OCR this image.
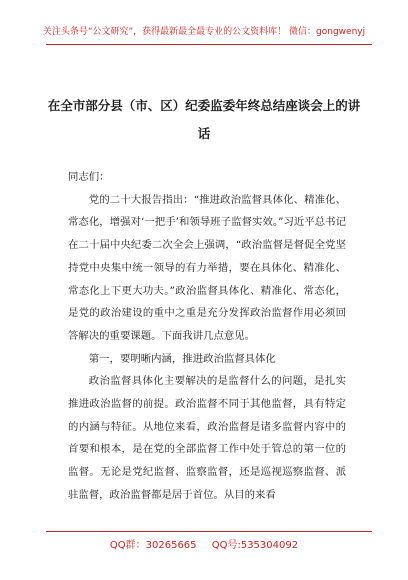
关注头条号“公文研究”，获得最新最全最专业的公文资料库！ 微信：gongwenyj
在全市部分县（市、区）纪委监委年终总结座谈会上的讲
话

同志们：

党的二十大报告指出：“推进政治监督具体化、精准化、常态化，增强对‘一把手’和领导班子监督实效。”习近平总书记在二十届中央纪委二次全会上强调，“政治监督是督促全党坚持党中央集中统一领导的有力举措，要在具体化、精准化、常态化上下更大功夫。”政治监督具体化、精准化、常态化，是党的政治建设的重中之重是充分发挥政治监督作用必须回答解决的重要课题。下面我讲几点意见。

第一，要明晰内涵，推进政治监督具体化

政治监督具体化主要解决的是监督什么的问题，是扎实推进政治监督的前提。政治监督不同于其他监督，具有特定的内涵与特征。从地位来看，政治监督是诸多监督内容中的首要和根本，是在党的全部监督工作中处于管总的第一位的监督。无论是党纪监督、监察监督，还是巡视巡察监督、派驻监督，政治监督都是居于首位。从目的来看

QQ群：30265665 QQ号:535304092
